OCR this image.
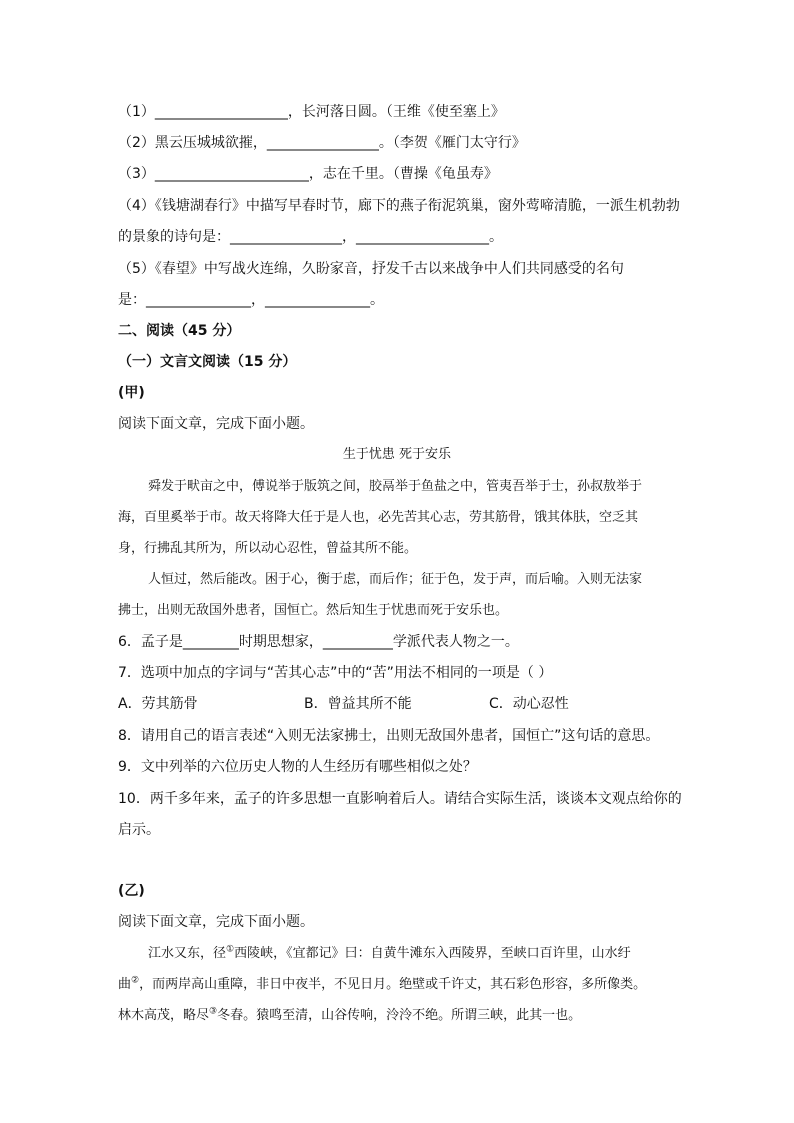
（1）___________________，长河落日圆。（王维《使至塞上》
（2）黑云压城城欲摧，________________。（李贺《雁门太守行》
（3）______________________，志在千里。（曹操《龟虽寿》
（4）《钱塘湖春行》中描写早春时节，廊下的燕子衔泥筑巢，窗外莺啼清脆，一派生机勃勃
的景象的诗句是：________________，___________________。
（5）《春望》中写战火连绵，久盼家音，抒发千古以来战争中人们共同感受的名句
是：_______________，_______________。
二、阅读（45 分）
（一）文言文阅读（15 分）
(甲)
阅读下面文章，完成下面小题。
生于忧患 死于安乐
舜发于畎亩之中，傅说举于版筑之间，胶鬲举于鱼盐之中，管夷吾举于士，孙叔敖举于
海，百里奚举于市。故天将降大任于是人也，必先苦其心志，劳其筋骨，饿其体肤，空乏其
身，行拂乱其所为，所以动心忍性，曾益其所不能。
人恒过，然后能改。困于心，衡于虑，而后作；征于色，发于声，而后喻。入则无法家
拂士，出则无敌国外患者，国恒亡。然后知生于忧患而死于安乐也。
6．孟子是________时期思想家，__________学派代表人物之一。
7．选项中加点的字词与“苦其心志”中的“苦”用法不相同的一项是（ ）
A．劳其筋骨	B．曾益其所不能	C．动心忍性
8．请用自己的语言表述“入则无法家拂士，出则无敌国外患者，国恒亡”这句话的意思。
9．文中列举的六位历史人物的人生经历有哪些相似之处？
10．两千多年来，孟子的许多思想一直影响着后人。请结合实际生活，谈谈本文观点给你的
启示。
(乙)
阅读下面文章，完成下面小题。
江水又东，径①西陵峡，《宜都记》曰：自黄牛滩东入西陵界，至峡口百许里，山水纡
曲②，而两岸高山重障，非日中夜半，不见日月。绝壁或千许丈，其石彩色形容，多所像类。
林木高茂，略尽③冬春。猿鸣至清，山谷传响，泠泠不绝。所谓三峡，此其一也。
